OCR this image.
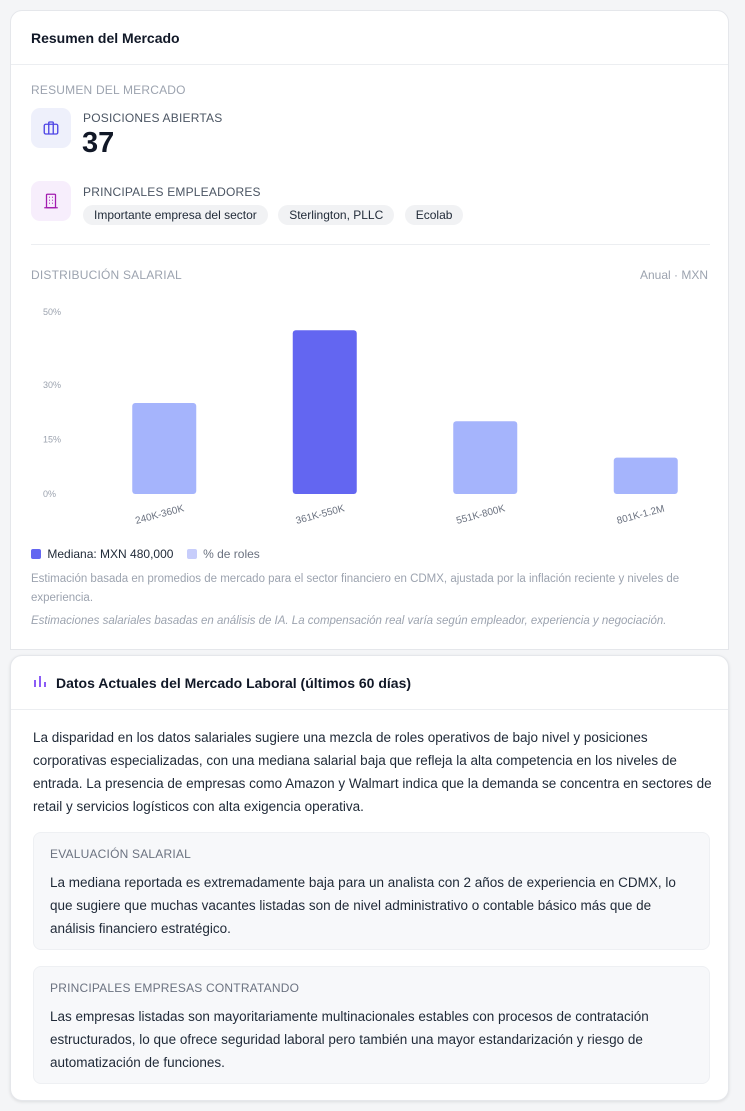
Resumen del Mercado
RESUMEN DEL MERCADO
POSICIONES ABIERTAS
37
PRINCIPALES EMPLEADORES
Importante empresa del sector	Sterlington, PLLC	Ecolab
DISTRIBUCIÓN SALARIAL	Anual · MXN
0%
15%
30%
50%
240K-360K	361K-550K	551K-800K	801K-1.2M
Mediana: MXN 480,000 % de roles
Estimación basada en promedios de mercado para el sector financiero en CDMX, ajustada por la inflación reciente y niveles de experiencia.
Estimaciones salariales basadas en análisis de IA. La compensación real varía según empleador, experiencia y negociación.
Datos Actuales del Mercado Laboral (últimos 60 días)
La disparidad en los datos salariales sugiere una mezcla de roles operativos de bajo nivel y posiciones corporativas especializadas, con una mediana salarial baja que refleja la alta competencia en los niveles de entrada. La presencia de empresas como Amazon y Walmart indica que la demanda se concentra en sectores de retail y servicios logísticos con alta exigencia operativa.
EVALUACIÓN SALARIAL
La mediana reportada es extremadamente baja para un analista con 2 años de experiencia en CDMX, lo que sugiere que muchas vacantes listadas son de nivel administrativo o contable básico más que de análisis financiero estratégico.
PRINCIPALES EMPRESAS CONTRATANDO
Las empresas listadas son mayoritariamente multinacionales estables con procesos de contratación estructurados, lo que ofrece seguridad laboral pero también una mayor estandarización y riesgo de automatización de funciones.
